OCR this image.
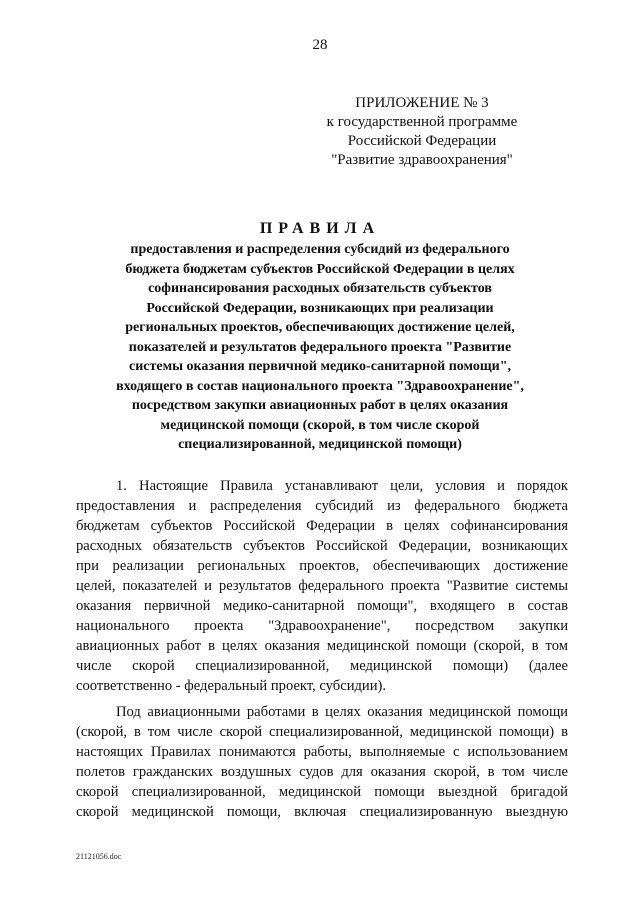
28
ПРИЛОЖЕНИЕ № 3
к государственной программе
Российской Федерации
"Развитие здравоохранения"
ПРАВИЛА
предоставления и распределения субсидий из федерального
бюджета бюджетам субъектов Российской Федерации в целях
софинансирования расходных обязательств субъектов
Российской Федерации, возникающих при реализации
региональных проектов, обеспечивающих достижение целей,
показателей и результатов федерального проекта "Развитие
системы оказания первичной медико-санитарной помощи",
входящего в состав национального проекта "Здравоохранение",
посредством закупки авиационных работ в целях оказания
медицинской помощи (скорой, в том числе скорой
специализированной, медицинской помощи)
1. Настоящие Правила устанавливают цели, условия и порядок
предоставления и распределения субсидий из федерального бюджета
бюджетам субъектов Российской Федерации в целях софинансирования
расходных обязательств субъектов Российской Федерации, возникающих
при реализации региональных проектов, обеспечивающих достижение
целей, показателей и результатов федерального проекта "Развитие системы
оказания первичной медико-санитарной помощи", входящего в состав
национального проекта "Здравоохранение", посредством закупки
авиационных работ в целях оказания медицинской помощи (скорой, в том
числе скорой специализированной, медицинской помощи) (далее
соответственно - федеральный проект, субсидии).
Под авиационными работами в целях оказания медицинской помощи
(скорой, в том числе скорой специализированной, медицинской помощи) в
настоящих Правилах понимаются работы, выполняемые с использованием
полетов гражданских воздушных судов для оказания скорой, в том числе
скорой специализированной, медицинской помощи выездной бригадой
скорой медицинской помощи, включая специализированную выездную
21121056.doc
